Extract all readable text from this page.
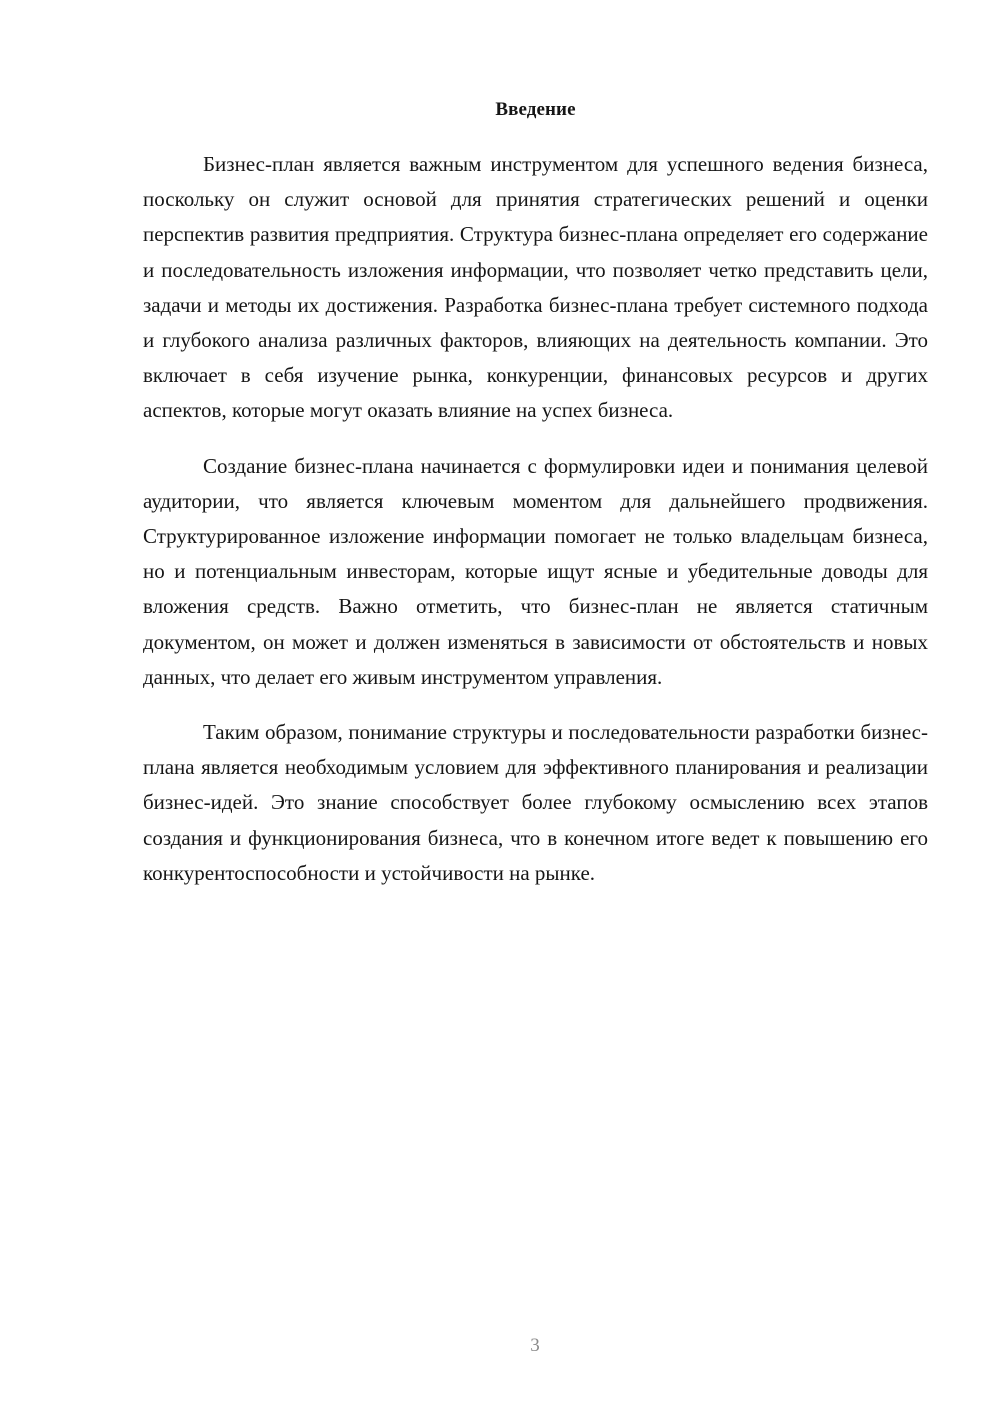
Введение

Бизнес-план является важным инструментом для успешного ведения бизнеса, поскольку он служит основой для принятия стратегических решений и оценки перспектив развития предприятия. Структура бизнес-плана определяет его содержание и последовательность изложения информации, что позволяет четко представить цели, задачи и методы их достижения. Разработка бизнес-плана требует системного подхода и глубокого анализа различных факторов, влияющих на деятельность компании. Это включает в себя изучение рынка, конкуренции, финансовых ресурсов и других аспектов, которые могут оказать влияние на успех бизнеса.

Создание бизнес-плана начинается с формулировки идеи и понимания целевой аудитории, что является ключевым моментом для дальнейшего продвижения. Структурированное изложение информации помогает не только владельцам бизнеса, но и потенциальным инвесторам, которые ищут ясные и убедительные доводы для вложения средств. Важно отметить, что бизнес-план не является статичным документом, он может и должен изменяться в зависимости от обстоятельств и новых данных, что делает его живым инструментом управления.

Таким образом, понимание структуры и последовательности разработки бизнес-плана является необходимым условием для эффективного планирования и реализации бизнес-идей. Это знание способствует более глубокому осмыслению всех этапов создания и функционирования бизнеса, что в конечном итоге ведет к повышению его конкурентоспособности и устойчивости на рынке.

3
